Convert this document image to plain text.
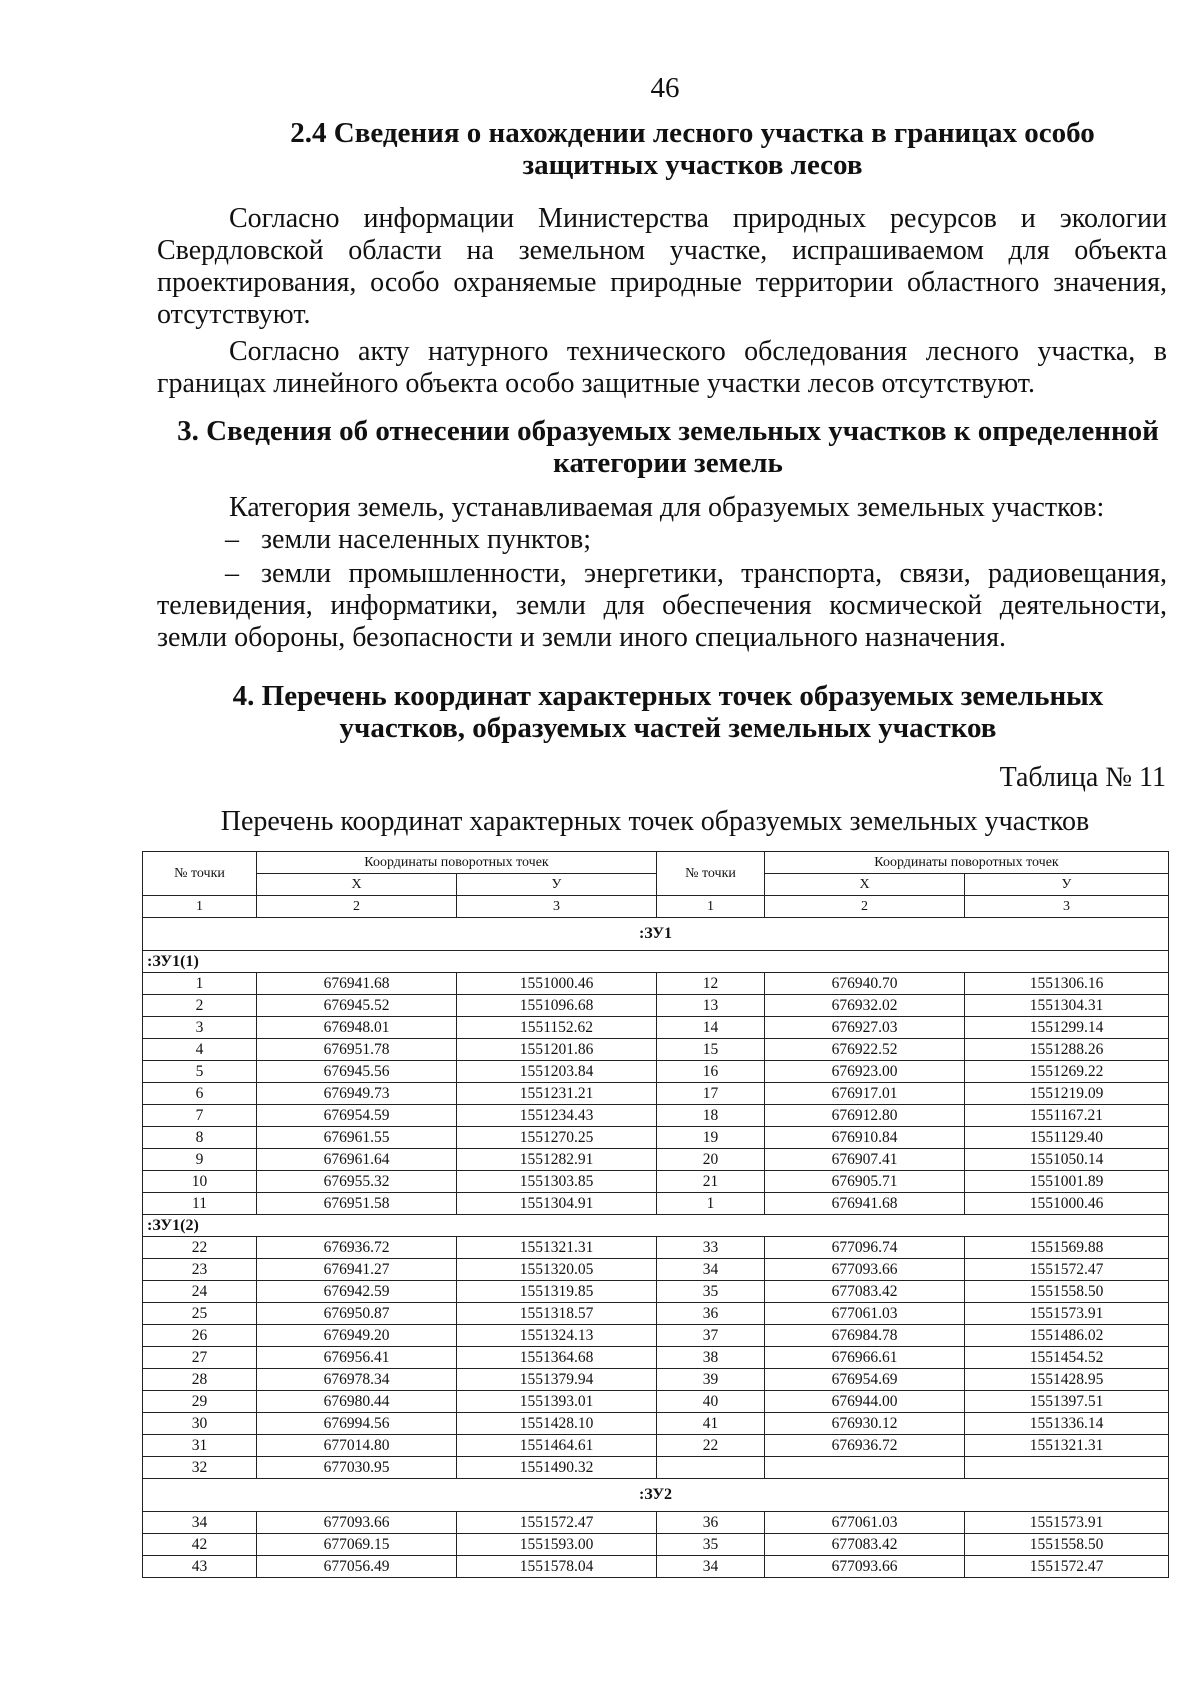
46
2.4 Сведения о нахождении лесного участка в границах особо защитных участков лесов

Согласно информации Министерства природных ресурсов и экологии Свердловской области на земельном участке, испрашиваемом для объекта проектирования, особо охраняемые природные территории областного значения, отсутствуют.

Согласно акту натурного технического обследования лесного участка, в границах линейного объекта особо защитные участки лесов отсутствуют.

3. Сведения об отнесении образуемых земельных участков к определенной категории земель

Категория земель, устанавливаемая для образуемых земельных участков:

– земли населенных пунктов;

– земли промышленности, энергетики, транспорта, связи, радиовещания, телевидения, информатики, земли для обеспечения космической деятельности, земли обороны, безопасности и земли иного специального назначения.

4. Перечень координат характерных точек образуемых земельных участков, образуемых частей земельных участков
Таблица № 11
Перечень координат характерных точек образуемых земельных участков
№ точки	Координаты поворотных точек		№ точки	Координаты поворотных точек	
	Х	У		Х	У
1	2	3	1	2	3
:ЗУ1					
:ЗУ1(1)					
1	676941.68	1551000.46	12	676940.70	1551306.16
2	676945.52	1551096.68	13	676932.02	1551304.31
3	676948.01	1551152.62	14	676927.03	1551299.14
4	676951.78	1551201.86	15	676922.52	1551288.26
5	676945.56	1551203.84	16	676923.00	1551269.22
6	676949.73	1551231.21	17	676917.01	1551219.09
7	676954.59	1551234.43	18	676912.80	1551167.21
8	676961.55	1551270.25	19	676910.84	1551129.40
9	676961.64	1551282.91	20	676907.41	1551050.14
10	676955.32	1551303.85	21	676905.71	1551001.89
11	676951.58	1551304.91	1	676941.68	1551000.46
:ЗУ1(2)					
22	676936.72	1551321.31	33	677096.74	1551569.88
23	676941.27	1551320.05	34	677093.66	1551572.47
24	676942.59	1551319.85	35	677083.42	1551558.50
25	676950.87	1551318.57	36	677061.03	1551573.91
26	676949.20	1551324.13	37	676984.78	1551486.02
27	676956.41	1551364.68	38	676966.61	1551454.52
28	676978.34	1551379.94	39	676954.69	1551428.95
29	676980.44	1551393.01	40	676944.00	1551397.51
30	676994.56	1551428.10	41	676930.12	1551336.14
31	677014.80	1551464.61	22	676936.72	1551321.31
32	677030.95	1551490.32			
:ЗУ2					
34	677093.66	1551572.47	36	677061.03	1551573.91
42	677069.15	1551593.00	35	677083.42	1551558.50
43	677056.49	1551578.04	34	677093.66	1551572.47
